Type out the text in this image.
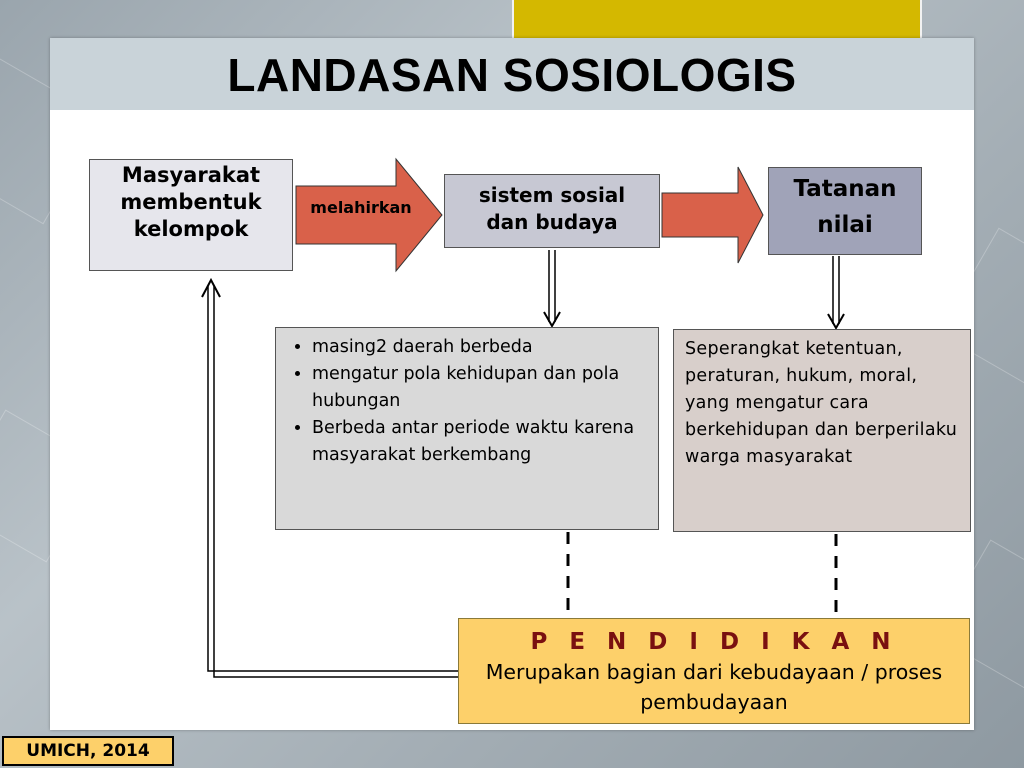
LANDASAN SOSIOLOGIS
Masyarakat
membentuk
kelompok
melahirkan
sistem sosial
dan budaya
Tatanan
nilai
• masing2 daerah berbeda
• mengatur pola kehidupan dan pola hubungan
• Berbeda antar periode waktu karena masyarakat berkembang
Seperangkat ketentuan, peraturan, hukum, moral, yang mengatur cara berkehidupan dan berperilaku warga masyarakat
P E N D I D I K A N
Merupakan bagian dari kebudayaan / proses pembudayaan
UMICH, 2014
